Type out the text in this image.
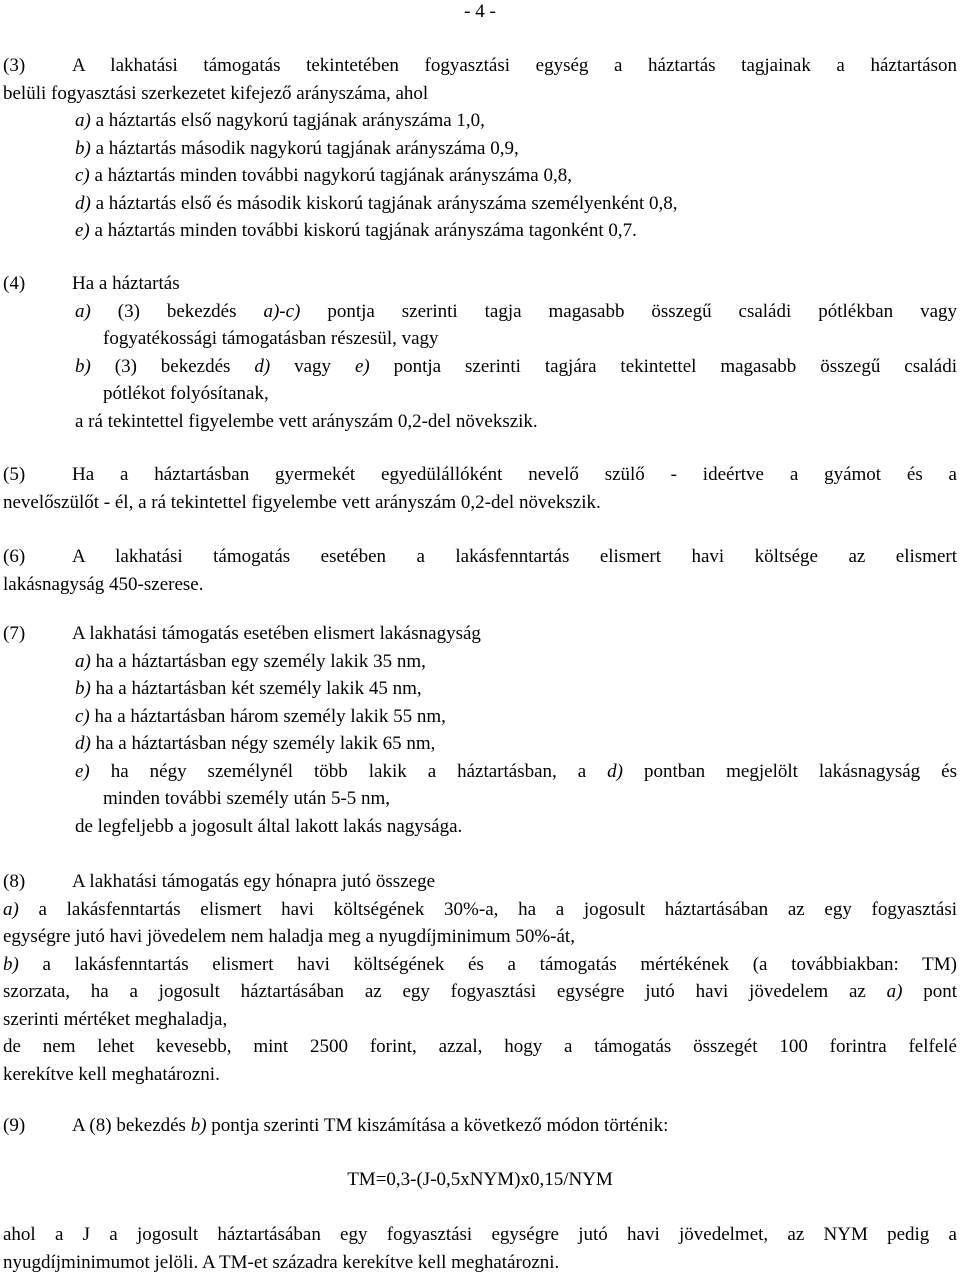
- 4 -
(3) A lakhatási támogatás tekintetében fogyasztási egység a háztartás tagjainak a háztartáson
belüli fogyasztási szerkezetet kifejező arányszáma, ahol
a) a háztartás első nagykorú tagjának arányszáma 1,0,
b) a háztartás második nagykorú tagjának arányszáma 0,9,
c) a háztartás minden további nagykorú tagjának arányszáma 0,8,
d) a háztartás első és második kiskorú tagjának arányszáma személyenként 0,8,
e) a háztartás minden további kiskorú tagjának arányszáma tagonként 0,7.
(4) Ha a háztartás
a) (3) bekezdés a)-c) pontja szerinti tagja magasabb összegű családi pótlékban vagy
fogyatékossági támogatásban részesül, vagy
b) (3) bekezdés d) vagy e) pontja szerinti tagjára tekintettel magasabb összegű családi
pótlékot folyósítanak,
a rá tekintettel figyelembe vett arányszám 0,2-del növekszik.
(5) Ha a háztartásban gyermekét egyedülállóként nevelő szülő - ideértve a gyámot és a
nevelőszülőt - él, a rá tekintettel figyelembe vett arányszám 0,2-del növekszik.
(6) A lakhatási támogatás esetében a lakásfenntartás elismert havi költsége az elismert
lakásnagyság 450-szerese.
(7) A lakhatási támogatás esetében elismert lakásnagyság
a) ha a háztartásban egy személy lakik 35 nm,
b) ha a háztartásban két személy lakik 45 nm,
c) ha a háztartásban három személy lakik 55 nm,
d) ha a háztartásban négy személy lakik 65 nm,
e) ha négy személynél több lakik a háztartásban, a d) pontban megjelölt lakásnagyság és
minden további személy után 5-5 nm,
de legfeljebb a jogosult által lakott lakás nagysága.
(8) A lakhatási támogatás egy hónapra jutó összege
a) a lakásfenntartás elismert havi költségének 30%-a, ha a jogosult háztartásában az egy fogyasztási
egységre jutó havi jövedelem nem haladja meg a nyugdíjminimum 50%-át,
b) a lakásfenntartás elismert havi költségének és a támogatás mértékének (a továbbiakban: TM)
szorzata, ha a jogosult háztartásában az egy fogyasztási egységre jutó havi jövedelem az a) pont
szerinti mértéket meghaladja,
de nem lehet kevesebb, mint 2500 forint, azzal, hogy a támogatás összegét 100 forintra felfelé
kerekítve kell meghatározni.
(9) A (8) bekezdés b) pontja szerinti TM kiszámítása a következő módon történik:
TM=0,3-(J-0,5xNYM)x0,15/NYM
ahol a J a jogosult háztartásában egy fogyasztási egységre jutó havi jövedelmet, az NYM pedig a
nyugdíjminimumot jelöli. A TM-et századra kerekítve kell meghatározni.
